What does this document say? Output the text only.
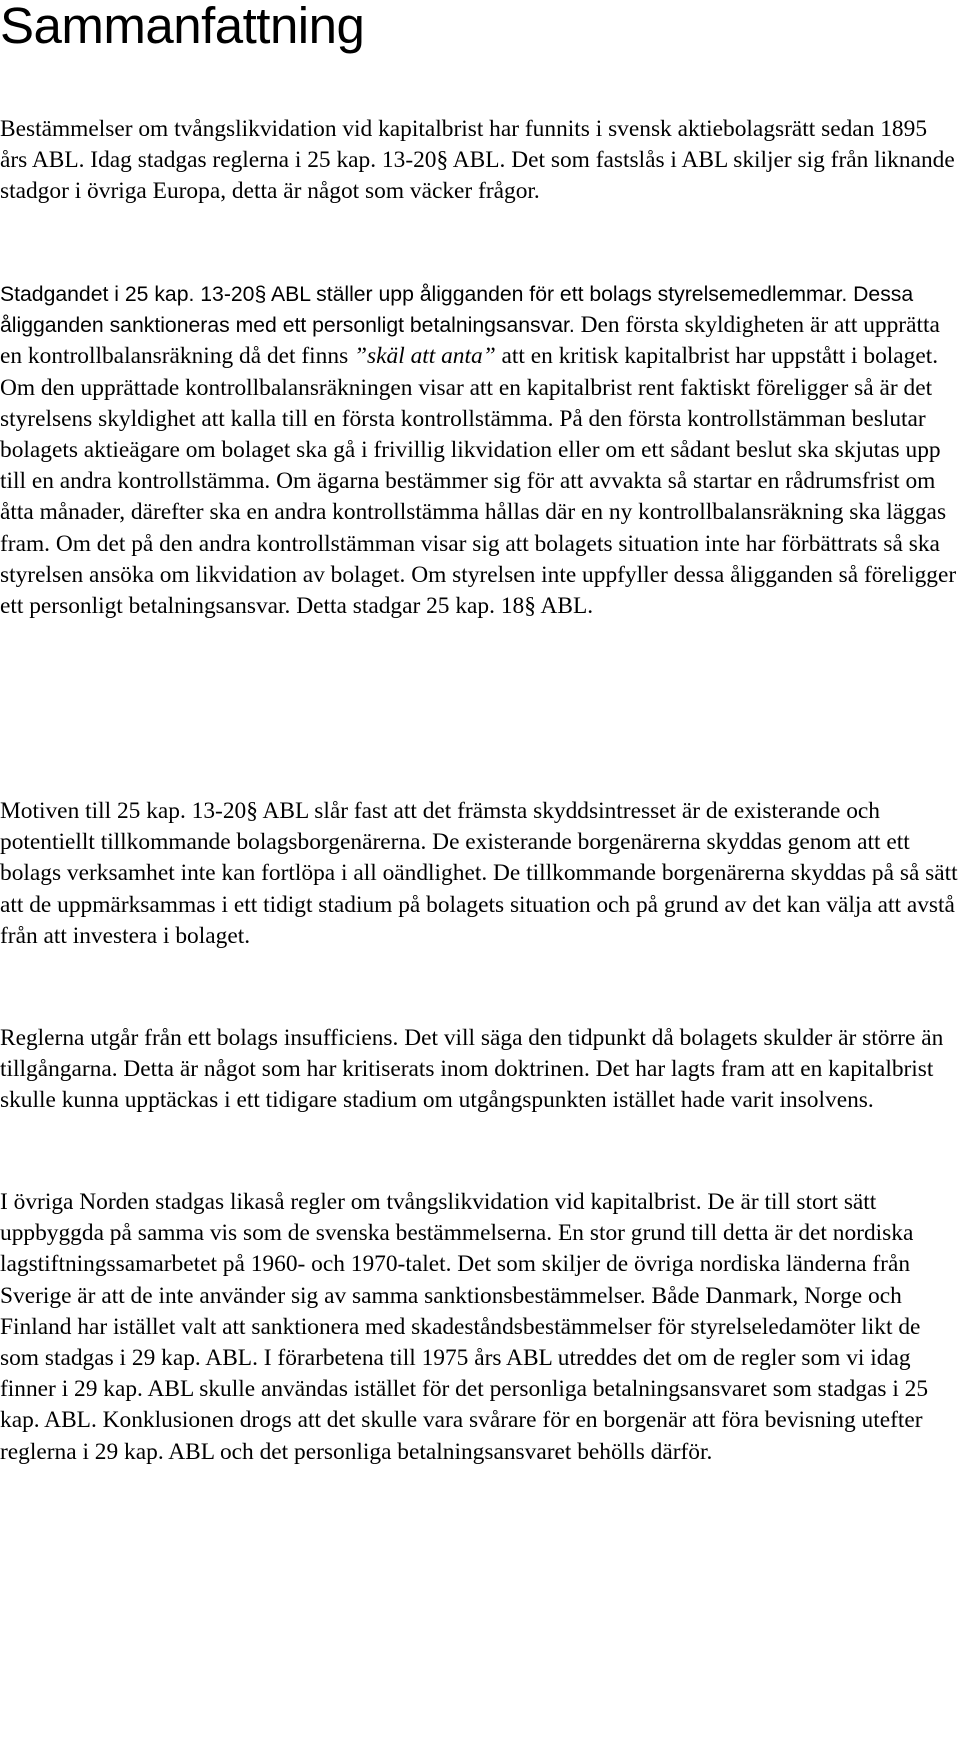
Sammanfattning

Bestämmelser om tvångslikvidation vid kapitalbrist har funnits i svensk aktiebolagsrätt sedan 1895 års ABL. Idag stadgas reglerna i 25 kap. 13-20§ ABL. Det som fastslås i ABL skiljer sig från liknande stadgor i övriga Europa, detta är något som väcker frågor.

Stadgandet i 25 kap. 13-20§ ABL ställer upp åligganden för ett bolags styrelsemedlemmar. Dessa åligganden sanktioneras med ett personligt betalningsansvar. Den första skyldigheten är att upprätta en kontrollbalansräkning då det finns ”skäl att anta” att en kritisk kapitalbrist har uppstått i bolaget. Om den upprättade kontrollbalansräkningen visar att en kapitalbrist rent faktiskt föreligger så är det styrelsens skyldighet att kalla till en första kontrollstämma. På den första kontrollstämman beslutar bolagets aktieägare om bolaget ska gå i frivillig likvidation eller om ett sådant beslut ska skjutas upp till en andra kontrollstämma. Om ägarna bestämmer sig för att avvakta så startar en rådrumsfrist om åtta månader, därefter ska en andra kontrollstämma hållas där en ny kontrollbalansräkning ska läggas fram. Om det på den andra kontrollstämman visar sig att bolagets situation inte har förbättrats så ska styrelsen ansöka om likvidation av bolaget. Om styrelsen inte uppfyller dessa åligganden så föreligger ett personligt betalningsansvar. Detta stadgar 25 kap. 18§ ABL.

Motiven till 25 kap. 13-20§ ABL slår fast att det främsta skyddsintresset är de existerande och potentiellt tillkommande bolagsborgenärerna. De existerande borgenärerna skyddas genom att ett bolags verksamhet inte kan fortlöpa i all oändlighet. De tillkommande borgenärerna skyddas på så sätt att de uppmärksammas i ett tidigt stadium på bolagets situation och på grund av det kan välja att avstå från att investera i bolaget.

Reglerna utgår från ett bolags insufficiens. Det vill säga den tidpunkt då bolagets skulder är större än tillgångarna. Detta är något som har kritiserats inom doktrinen. Det har lagts fram att en kapitalbrist skulle kunna upptäckas i ett tidigare stadium om utgångspunkten istället hade varit insolvens.

I övriga Norden stadgas likaså regler om tvångslikvidation vid kapitalbrist. De är till stort sätt uppbyggda på samma vis som de svenska bestämmelserna. En stor grund till detta är det nordiska lagstiftningssamarbetet på 1960- och 1970-talet. Det som skiljer de övriga nordiska länderna från Sverige är att de inte använder sig av samma sanktionsbestämmelser. Både Danmark, Norge och Finland har istället valt att sanktionera med skadeståndsbestämmelser för styrelseledamöter likt de som stadgas i 29 kap. ABL. I förarbetena till 1975 års ABL utreddes det om de regler som vi idag finner i 29 kap. ABL skulle användas istället för det personliga betalningsansvaret som stadgas i 25 kap. ABL. Konklusionen drogs att det skulle vara svårare för en borgenär att föra bevisning utefter reglerna i 29 kap. ABL och det personliga betalningsansvaret behölls därför.
